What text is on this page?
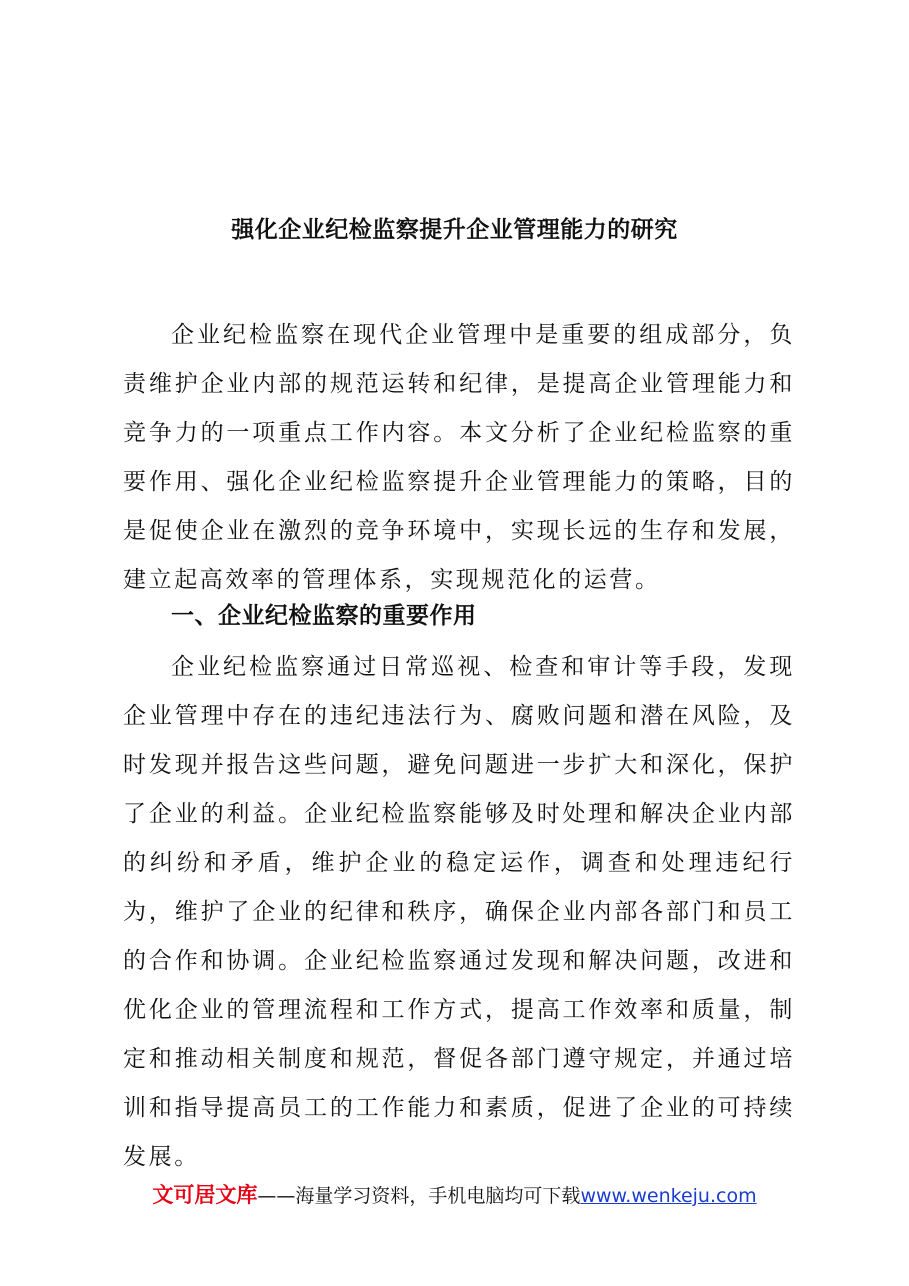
强化企业纪检监察提升企业管理能力的研究

企业纪检监察在现代企业管理中是重要的组成部分，负责维护企业内部的规范运转和纪律，是提高企业管理能力和竞争力的一项重点工作内容。本文分析了企业纪检监察的重要作用、强化企业纪检监察提升企业管理能力的策略，目的是促使企业在激烈的竞争环境中，实现长远的生存和发展，建立起高效率的管理体系，实现规范化的运营。

一、企业纪检监察的重要作用

企业纪检监察通过日常巡视、检查和审计等手段，发现企业管理中存在的违纪违法行为、腐败问题和潜在风险，及时发现并报告这些问题，避免问题进一步扩大和深化，保护了企业的利益。企业纪检监察能够及时处理和解决企业内部的纠纷和矛盾，维护企业的稳定运作，调查和处理违纪行为，维护了企业的纪律和秩序，确保企业内部各部门和员工的合作和协调。企业纪检监察通过发现和解决问题，改进和优化企业的管理流程和工作方式，提高工作效率和质量，制定和推动相关制度和规范，督促各部门遵守规定，并通过培训和指导提高员工的工作能力和素质，促进了企业的可持续发展。

文可居文库——海量学习资料，手机电脑均可下载www.wenkeju.com
